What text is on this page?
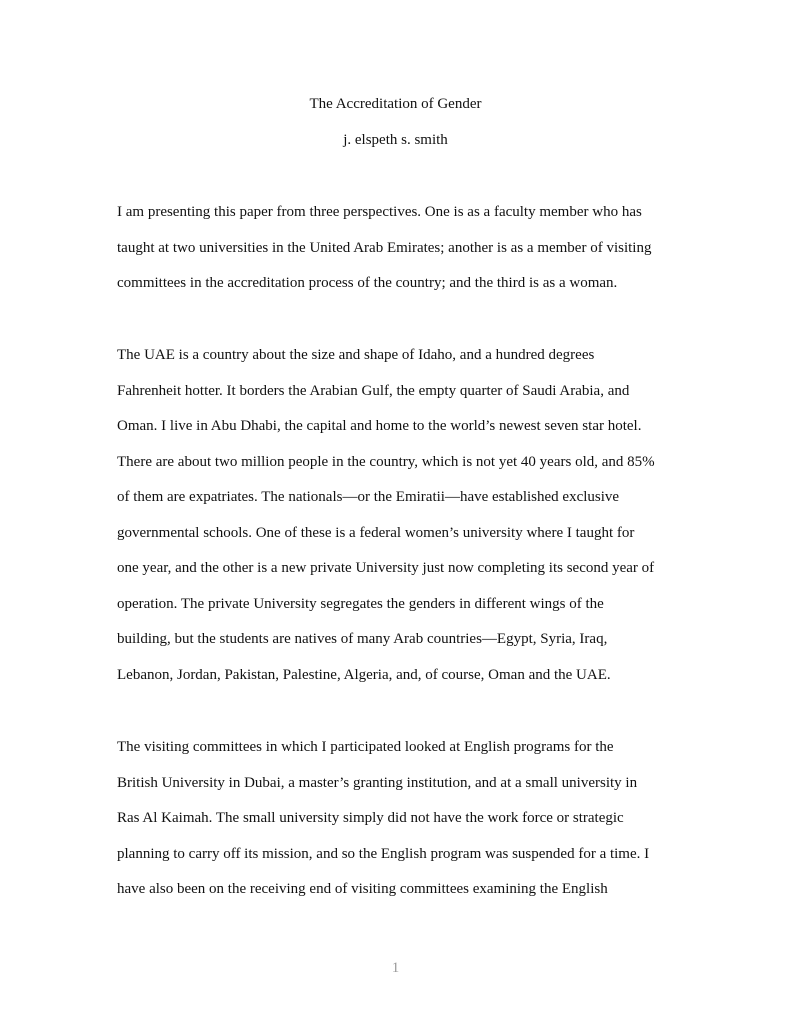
The Accreditation of Gender
j. elspeth s. smith

I am presenting this paper from three perspectives. One is as a faculty member who has
taught at two universities in the United Arab Emirates; another is as a member of visiting
committees in the accreditation process of the country; and the third is as a woman.

The UAE is a country about the size and shape of Idaho, and a hundred degrees
Fahrenheit hotter. It borders the Arabian Gulf, the empty quarter of Saudi Arabia, and
Oman. I live in Abu Dhabi, the capital and home to the world’s newest seven star hotel.
There are about two million people in the country, which is not yet 40 years old, and 85%
of them are expatriates. The nationals—or the Emiratii—have established exclusive
governmental schools. One of these is a federal women’s university where I taught for
one year, and the other is a new private University just now completing its second year of
operation. The private University segregates the genders in different wings of the
building, but the students are natives of many Arab countries—Egypt, Syria, Iraq,
Lebanon, Jordan, Pakistan, Palestine, Algeria, and, of course, Oman and the UAE.

The visiting committees in which I participated looked at English programs for the
British University in Dubai, a master’s granting institution, and at a small university in
Ras Al Kaimah. The small university simply did not have the work force or strategic
planning to carry off its mission, and so the English program was suspended for a time. I
have also been on the receiving end of visiting committees examining the English

1
